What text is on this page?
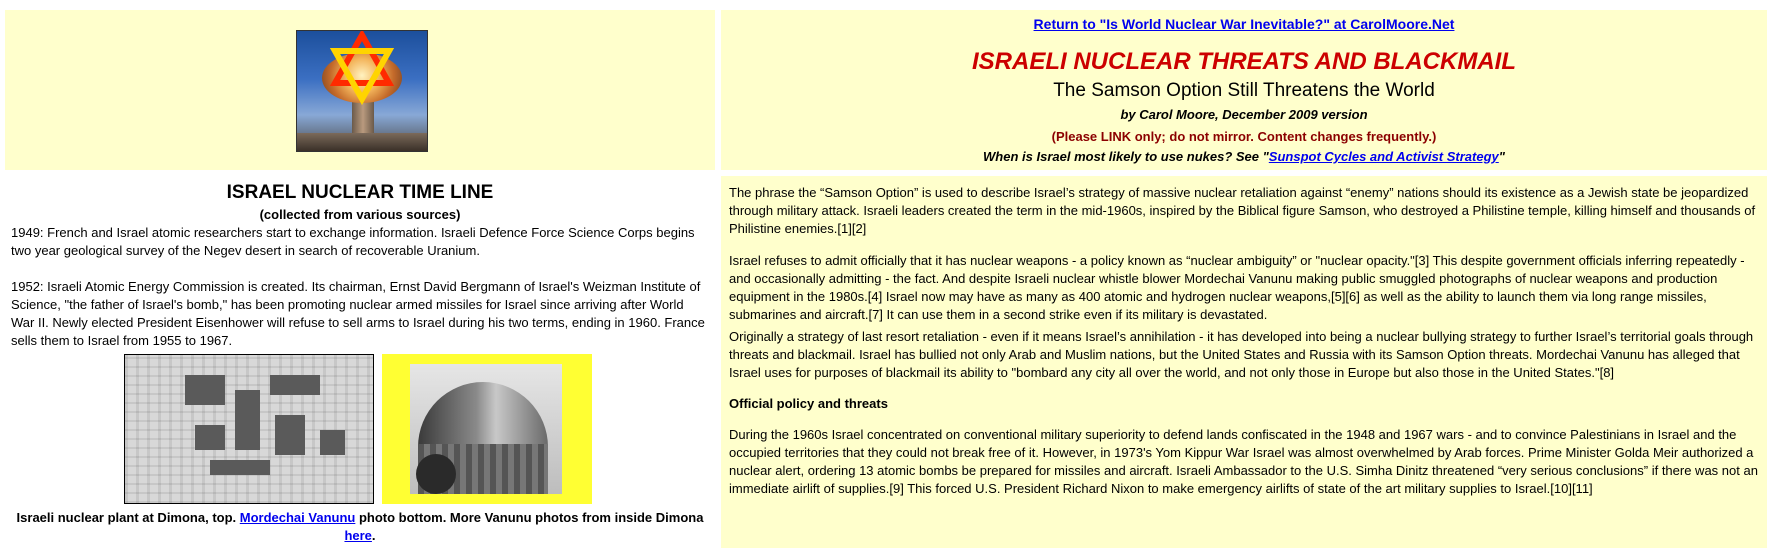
Return to "Is World Nuclear War Inevitable?" at CarolMoore.Net
ISRAELI NUCLEAR THREATS AND BLACKMAIL
The Samson Option Still Threatens the World
by Carol Moore, December 2009 version
(Please LINK only; do not mirror. Content changes frequently.)
When is Israel most likely to use nukes? See "Sunspot Cycles and Activist Strategy"
ISRAEL NUCLEAR TIME LINE
(collected from various sources)
1949: French and Israel atomic researchers start to exchange information. Israeli Defence Force Science Corps begins two year geological survey of the Negev desert in search of recoverable Uranium.
1952: Israeli Atomic Energy Commission is created. Its chairman, Ernst David Bergmann of Israel's Weizman Institute of Science, "the father of Israel's bomb," has been promoting nuclear armed missiles for Israel since arriving after World War II. Newly elected President Eisenhower will refuse to sell arms to Israel during his two terms, ending in 1960. France sells them to Israel from 1955 to 1967.
Israeli nuclear plant at Dimona, top. Mordechai Vanunu photo bottom. More Vanunu photos from inside Dimona here.
The phrase the “Samson Option” is used to describe Israel’s strategy of massive nuclear retaliation against “enemy” nations should its existence as a Jewish state be jeopardized through military attack. Israeli leaders created the term in the mid-1960s, inspired by the Biblical figure Samson, who destroyed a Philistine temple, killing himself and thousands of Philistine enemies.[1][2]
Israel refuses to admit officially that it has nuclear weapons - a policy known as “nuclear ambiguity” or "nuclear opacity."[3] This despite government officials inferring repeatedly - and occasionally admitting - the fact. And despite Israeli nuclear whistle blower Mordechai Vanunu making public smuggled photographs of nuclear weapons and production equipment in the 1980s.[4] Israel now may have as many as 400 atomic and hydrogen nuclear weapons,[5][6] as well as the ability to launch them via long range missiles, submarines and aircraft.[7] It can use them in a second strike even if its military is devastated.
Originally a strategy of last resort retaliation - even if it means Israel’s annihilation - it has developed into being a nuclear bullying strategy to further Israel’s territorial goals through threats and blackmail. Israel has bullied not only Arab and Muslim nations, but the United States and Russia with its Samson Option threats. Mordechai Vanunu has alleged that Israel uses for purposes of blackmail its ability to "bombard any city all over the world, and not only those in Europe but also those in the United States."[8]
Official policy and threats
During the 1960s Israel concentrated on conventional military superiority to defend lands confiscated in the 1948 and 1967 wars - and to convince Palestinians in Israel and the occupied territories that they could not break free of it. However, in 1973's Yom Kippur War Israel was almost overwhelmed by Arab forces. Prime Minister Golda Meir authorized a nuclear alert, ordering 13 atomic bombs be prepared for missiles and aircraft. Israeli Ambassador to the U.S. Simha Dinitz threatened “very serious conclusions” if there was not an immediate airlift of supplies.[9] This forced U.S. President Richard Nixon to make emergency airlifts of state of the art military supplies to Israel.[10][11]
